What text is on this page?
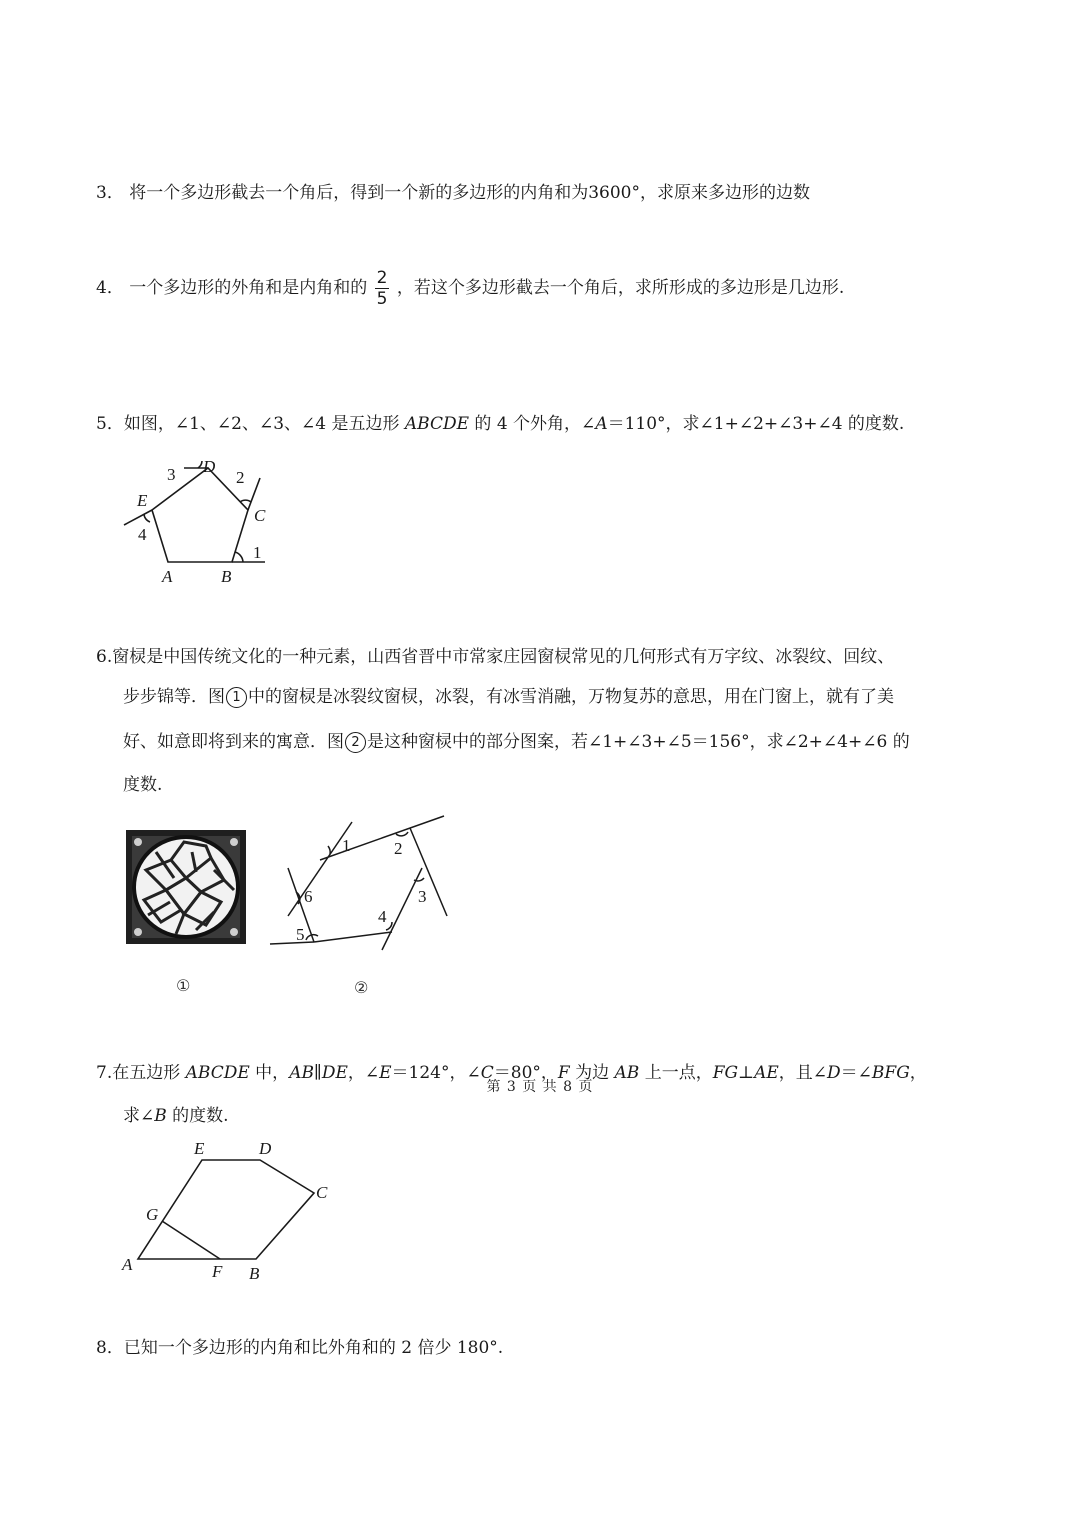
3． 将一个多边形截去一个角后，得到一个新的多边形的内角和为3600°，求原来多边形的边数
4． 一个多边形的外角和是内角和的 $\frac{2}{5}$ ，若这个多边形截去一个角后，求所形成的多边形是几边形.
5．如图，∠1、∠2、∠3、∠4 是五边形 ABCDE 的 4 个外角，∠A＝110°，求∠1+∠2+∠3+∠4 的度数.
A	B
C
D
E
1
2
3
4
6.窗棂是中国传统文化的一种元素，山西省晋中市常家庄园窗棂常见的几何形式有万字纹、冰裂纹、回纹、
步步锦等．图 1 中的窗棂是冰裂纹窗棂，冰裂，有冰雪消融，万物复苏的意思，用在门窗上，就有了美
好、如意即将到来的寓意．图 2 是这种窗棂中的部分图案，若∠1+∠3+∠5＝156°，求∠2+∠4+∠6 的
度数.
①
1	2
3
4
5
6
②
7.在五边形 ABCDE 中，AB∥DE，∠E＝124°，∠C＝80°，F 为边 AB 上一点，FG⊥AE，且∠D＝∠BFG，
求∠B 的度数.
A	B
C
D
E
F
G
8．已知一个多边形的内角和比外角和的 2 倍少 180°.
第 3 页 共 8 页
